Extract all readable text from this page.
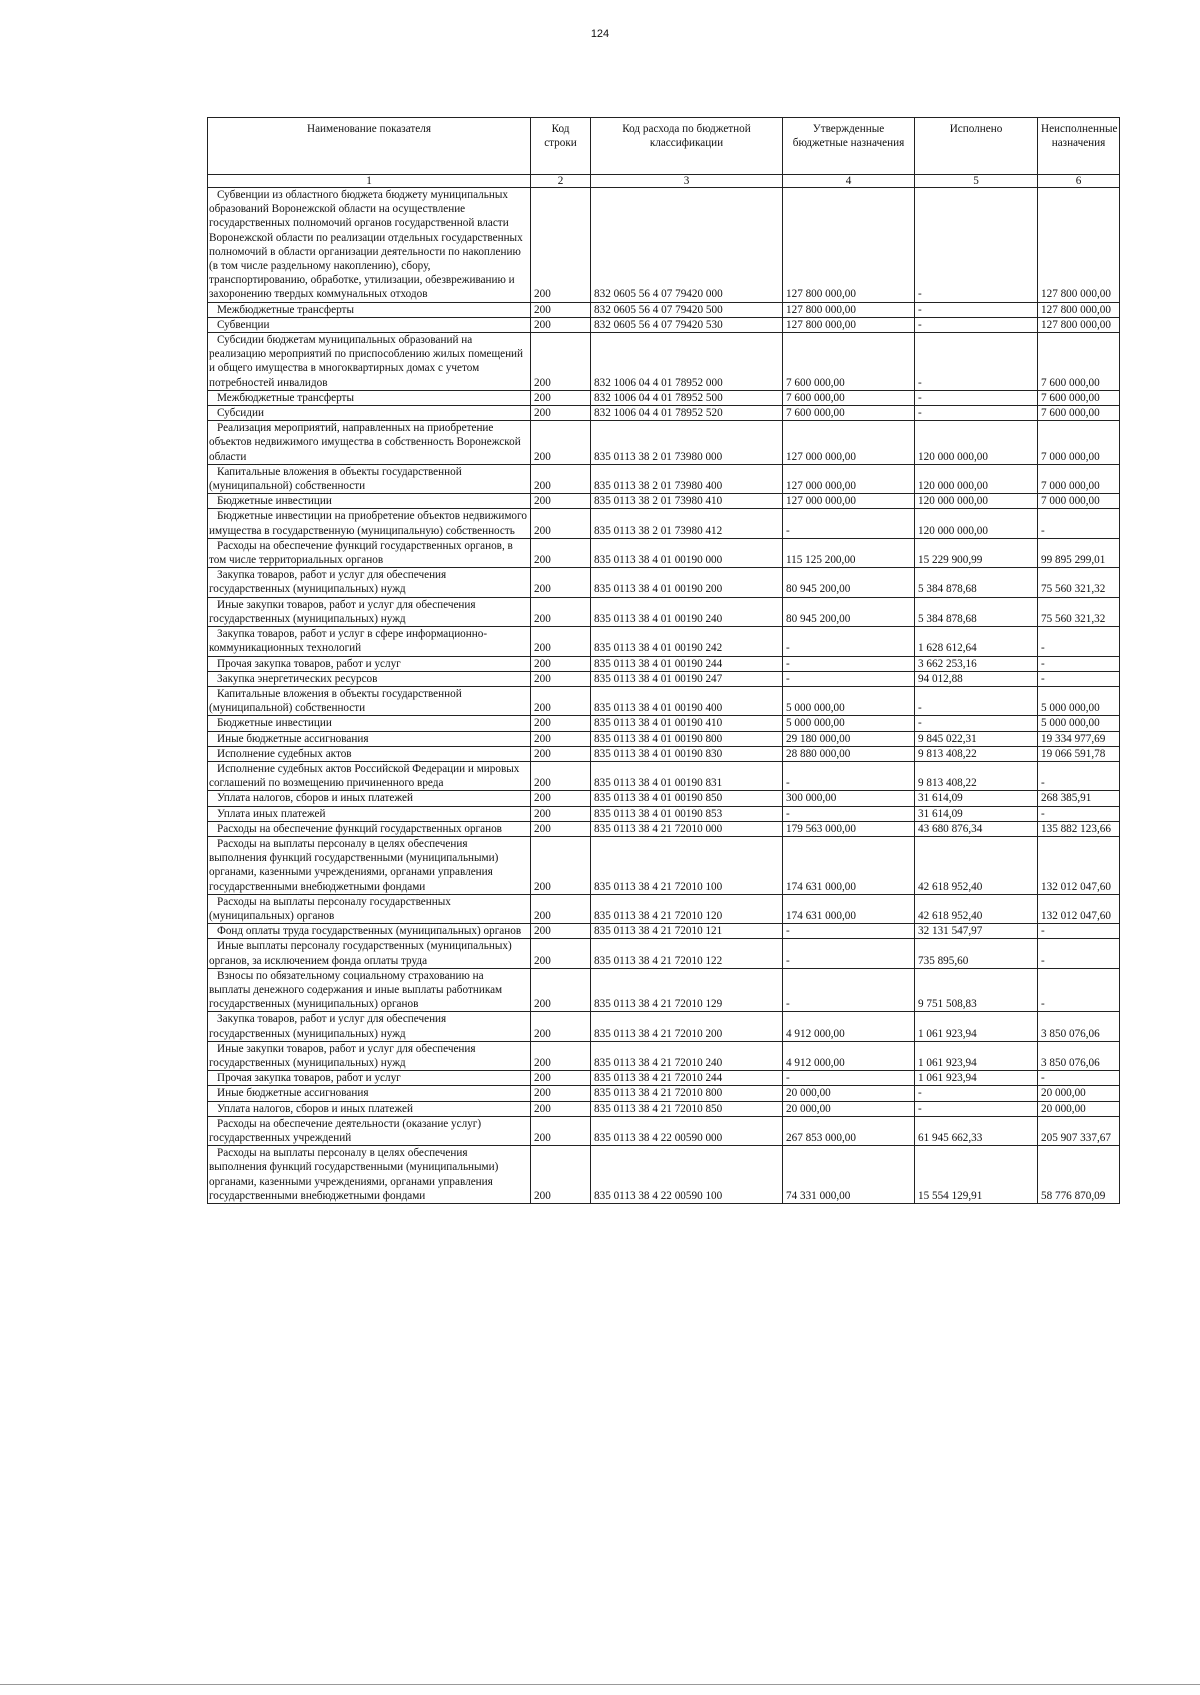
124
Наименование показателя	Код строки	Код расхода по бюджетной классификации	Утвержденные бюджетные назначения	Исполнено	Неисполненные назначения
1	2	3	4	5	6
Субвенции из областного бюджета бюджету муниципальных образований Воронежской области на осуществление государственных полномочий органов государственной власти Воронежской области по реализации отдельных государственных полномочий в области организации деятельности по накоплению (в том числе раздельному накоплению), сбору, транспортированию, обработке, утилизации, обезвреживанию и захоронению твердых коммунальных отходов	200	832 0605 56 4 07 79420 000	127 800 000,00	-	127 800 000,00
Межбюджетные трансферты	200	832 0605 56 4 07 79420 500	127 800 000,00	-	127 800 000,00
Субвенции	200	832 0605 56 4 07 79420 530	127 800 000,00	-	127 800 000,00
Субсидии бюджетам муниципальных образований на реализацию мероприятий по приспособлению жилых помещений и общего имущества в многоквартирных домах с учетом потребностей инвалидов	200	832 1006 04 4 01 78952 000	7 600 000,00	-	7 600 000,00
Межбюджетные трансферты	200	832 1006 04 4 01 78952 500	7 600 000,00	-	7 600 000,00
Субсидии	200	832 1006 04 4 01 78952 520	7 600 000,00	-	7 600 000,00
Реализация мероприятий, направленных на приобретение объектов недвижимого имущества в собственность Воронежской области	200	835 0113 38 2 01 73980 000	127 000 000,00	120 000 000,00	7 000 000,00
Капитальные вложения в объекты государственной (муниципальной) собственности	200	835 0113 38 2 01 73980 400	127 000 000,00	120 000 000,00	7 000 000,00
Бюджетные инвестиции	200	835 0113 38 2 01 73980 410	127 000 000,00	120 000 000,00	7 000 000,00
Бюджетные инвестиции на приобретение объектов недвижимого имущества в государственную (муниципальную) собственность	200	835 0113 38 2 01 73980 412	-	120 000 000,00	-
Расходы на обеспечение функций государственных органов, в том числе территориальных органов	200	835 0113 38 4 01 00190 000	115 125 200,00	15 229 900,99	99 895 299,01
Закупка товаров, работ и услуг для обеспечения государственных (муниципальных) нужд	200	835 0113 38 4 01 00190 200	80 945 200,00	5 384 878,68	75 560 321,32
Иные закупки товаров, работ и услуг для обеспечения государственных (муниципальных) нужд	200	835 0113 38 4 01 00190 240	80 945 200,00	5 384 878,68	75 560 321,32
Закупка товаров, работ и услуг в сфере информационно-коммуникационных технологий	200	835 0113 38 4 01 00190 242	-	1 628 612,64	-
Прочая закупка товаров, работ и услуг	200	835 0113 38 4 01 00190 244	-	3 662 253,16	-
Закупка энергетических ресурсов	200	835 0113 38 4 01 00190 247	-	94 012,88	-
Капитальные вложения в объекты государственной (муниципальной) собственности	200	835 0113 38 4 01 00190 400	5 000 000,00	-	5 000 000,00
Бюджетные инвестиции	200	835 0113 38 4 01 00190 410	5 000 000,00	-	5 000 000,00
Иные бюджетные ассигнования	200	835 0113 38 4 01 00190 800	29 180 000,00	9 845 022,31	19 334 977,69
Исполнение судебных актов	200	835 0113 38 4 01 00190 830	28 880 000,00	9 813 408,22	19 066 591,78
Исполнение судебных актов Российской Федерации и мировых соглашений по возмещению причиненного вреда	200	835 0113 38 4 01 00190 831	-	9 813 408,22	-
Уплата налогов, сборов и иных платежей	200	835 0113 38 4 01 00190 850	300 000,00	31 614,09	268 385,91
Уплата иных платежей	200	835 0113 38 4 01 00190 853	-	31 614,09	-
Расходы на обеспечение функций государственных органов	200	835 0113 38 4 21 72010 000	179 563 000,00	43 680 876,34	135 882 123,66
Расходы на выплаты персоналу в целях обеспечения выполнения функций государственными (муниципальными) органами, казенными учреждениями, органами управления государственными внебюджетными фондами	200	835 0113 38 4 21 72010 100	174 631 000,00	42 618 952,40	132 012 047,60
Расходы на выплаты персоналу государственных (муниципальных) органов	200	835 0113 38 4 21 72010 120	174 631 000,00	42 618 952,40	132 012 047,60
Фонд оплаты труда государственных (муниципальных) органов	200	835 0113 38 4 21 72010 121	-	32 131 547,97	-
Иные выплаты персоналу государственных (муниципальных) органов, за исключением фонда оплаты труда	200	835 0113 38 4 21 72010 122	-	735 895,60	-
Взносы по обязательному социальному страхованию на выплаты денежного содержания и иные выплаты работникам государственных (муниципальных) органов	200	835 0113 38 4 21 72010 129	-	9 751 508,83	-
Закупка товаров, работ и услуг для обеспечения государственных (муниципальных) нужд	200	835 0113 38 4 21 72010 200	4 912 000,00	1 061 923,94	3 850 076,06
Иные закупки товаров, работ и услуг для обеспечения государственных (муниципальных) нужд	200	835 0113 38 4 21 72010 240	4 912 000,00	1 061 923,94	3 850 076,06
Прочая закупка товаров, работ и услуг	200	835 0113 38 4 21 72010 244	-	1 061 923,94	-
Иные бюджетные ассигнования	200	835 0113 38 4 21 72010 800	20 000,00	-	20 000,00
Уплата налогов, сборов и иных платежей	200	835 0113 38 4 21 72010 850	20 000,00	-	20 000,00
Расходы на обеспечение деятельности (оказание услуг) государственных учреждений	200	835 0113 38 4 22 00590 000	267 853 000,00	61 945 662,33	205 907 337,67
Расходы на выплаты персоналу в целях обеспечения выполнения функций государственными (муниципальными) органами, казенными учреждениями, органами управления государственными внебюджетными фондами	200	835 0113 38 4 22 00590 100	74 331 000,00	15 554 129,91	58 776 870,09
